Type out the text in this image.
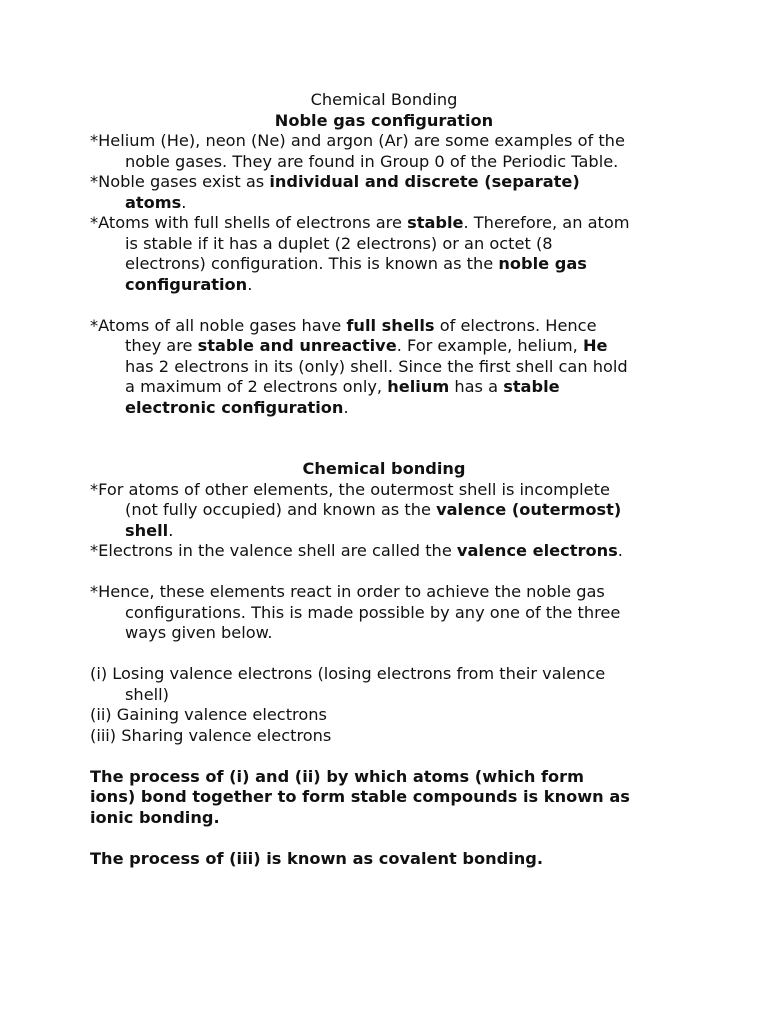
Chemical Bonding
Noble gas configuration
*Helium (He), neon (Ne) and argon (Ar) are some examples of the
noble gases. They are found in Group 0 of the Periodic Table.
*Noble gases exist as individual and discrete (separate)
atoms.
*Atoms with full shells of electrons are stable. Therefore, an atom
is stable if it has a duplet (2 electrons) or an octet (8
electrons) configuration. This is known as the noble gas
configuration.
*Atoms of all noble gases have full shells of electrons. Hence
they are stable and unreactive. For example, helium, He
has 2 electrons in its (only) shell. Since the first shell can hold
a maximum of 2 electrons only, helium has a stable
electronic configuration.
Chemical bonding
*For atoms of other elements, the outermost shell is incomplete
(not fully occupied) and known as the valence (outermost)
shell.
*Electrons in the valence shell are called the valence electrons.
*Hence, these elements react in order to achieve the noble gas
configurations. This is made possible by any one of the three
ways given below.
(i) Losing valence electrons (losing electrons from their valence
shell)
(ii) Gaining valence electrons
(iii) Sharing valence electrons
The process of (i) and (ii) by which atoms (which form
ions) bond together to form stable compounds is known as
ionic bonding.
The process of (iii) is known as covalent bonding.
